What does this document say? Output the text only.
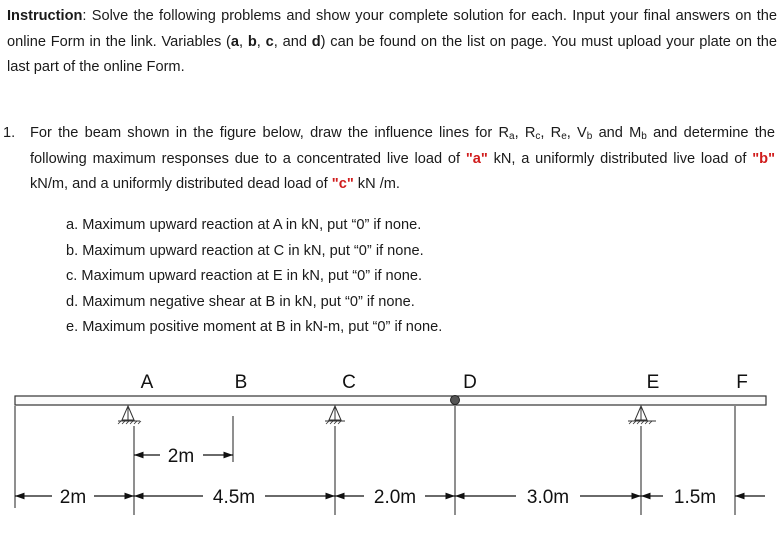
Instruction: Solve the following problems and show your complete solution for each. Input your final answers on the online Form in the link. Variables (a, b, c, and d) can be found on the list on page. You must upload your plate on the last part of the online Form.
1. For the beam shown in the figure below, draw the influence lines for $R_a$, $R_c$, $R_e$, $V_b$ and $M_b$ and determine the following maximum responses due to a concentrated live load of "a" kN, a uniformly distributed live load of "b" kN/m, and a uniformly distributed dead load of "c" kN /m.
a. Maximum upward reaction at A in kN, put “0” if none.
b. Maximum upward reaction at C in kN, put “0” if none.
c. Maximum upward reaction at E in kN, put “0” if none.
d. Maximum negative shear at B in kN, put “0” if none.
e. Maximum positive moment at B in kN-m, put “0” if none.
A	B	C	D	E	F
2m
2m	4.5m	2.0m	3.0m	1.5m
